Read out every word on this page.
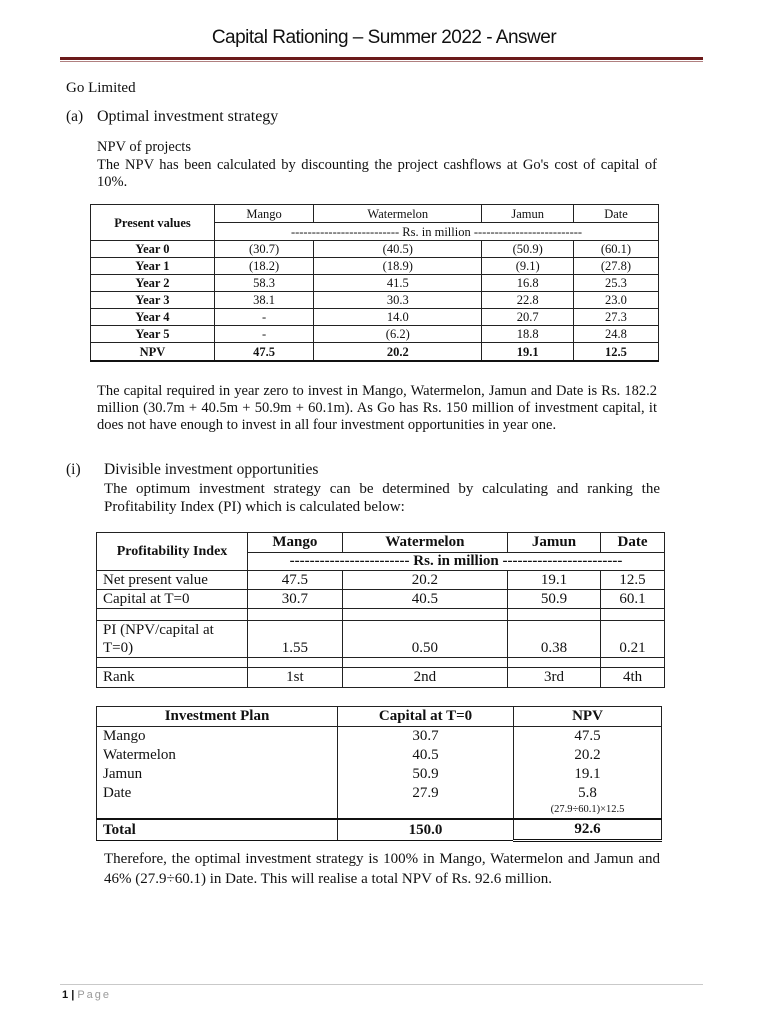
Capital Rationing – Summer 2022 - Answer
Go Limited
(a) Optimal investment strategy
NPV of projects
The NPV has been calculated by discounting the project cashflows at Go's cost of capital of 10%.
Present values	Mango	Watermelon	Jamun	Date
	-------------------------- Rs. in million --------------------------			
Year 0	(30.7)	(40.5)	(50.9)	(60.1)
Year 1	(18.2)	(18.9)	(9.1)	(27.8)
Year 2	58.3	41.5	16.8	25.3
Year 3	38.1	30.3	22.8	23.0
Year 4	-	14.0	20.7	27.3
Year 5	-	(6.2)	18.8	24.8
NPV	47.5	20.2	19.1	12.5
The capital required in year zero to invest in Mango, Watermelon, Jamun and Date is Rs. 182.2 million (30.7m + 40.5m + 50.9m + 60.1m). As Go has Rs. 150 million of investment capital, it does not have enough to invest in all four investment opportunities in year one.
(i) Divisible investment opportunities
The optimum investment strategy can be determined by calculating and ranking the Profitability Index (PI) which is calculated below:
Profitability Index	Mango	Watermelon	Jamun	Date
	------------------------ Rs. in million ------------------------			
Net present value	47.5	20.2	19.1	12.5
Capital at T=0	30.7	40.5	50.9	60.1

PI (NPV/capital at T=0)	1.55	0.50	0.38	0.21

Rank	1st	2nd	3rd	4th
Investment Plan	Capital at T=0	NPV
Mango	30.7	47.5
Watermelon	40.5	20.2
Jamun	50.9	19.1
Date	27.9	5.8
(27.9÷60.1)×12.5

Total	150.0	92.6
Therefore, the optimal investment strategy is 100% in Mango, Watermelon and Jamun and 46% (27.9÷60.1) in Date. This will realise a total NPV of Rs. 92.6 million.
1 | Page
